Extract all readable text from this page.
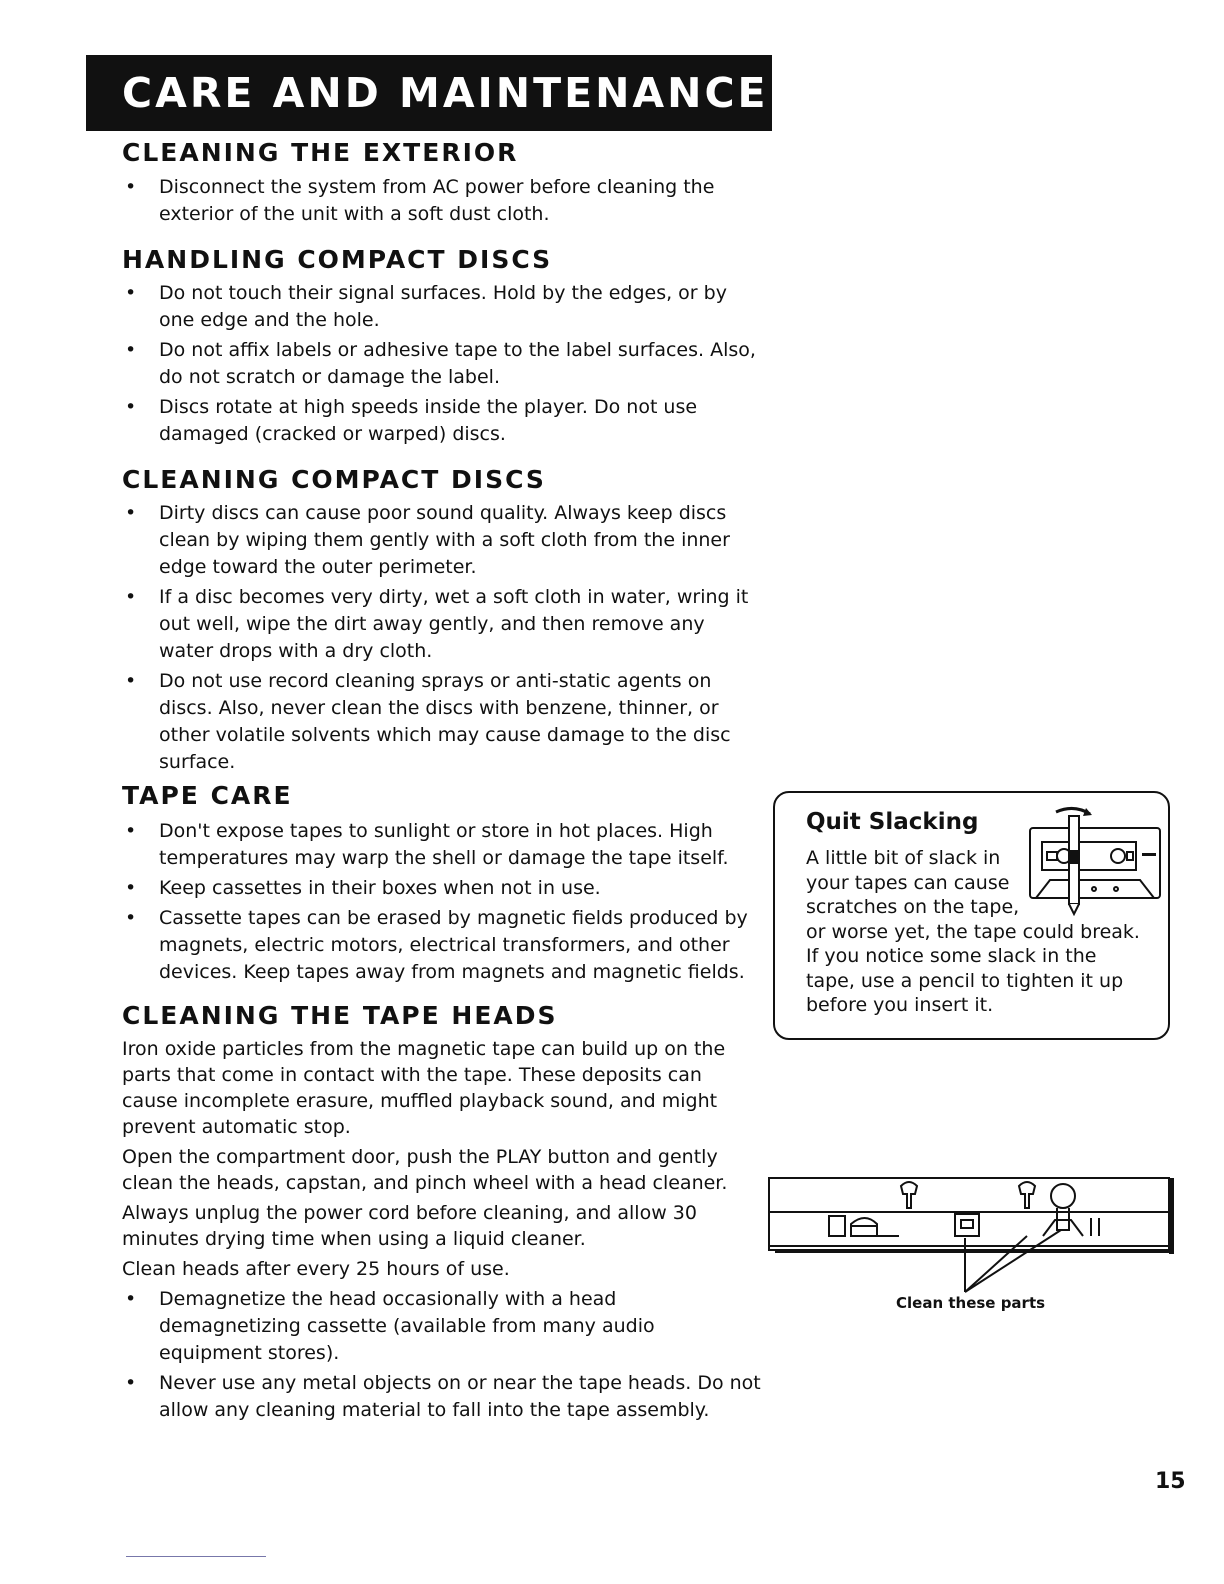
CARE AND MAINTENANCE
CLEANING THE EXTERIOR
• Disconnect the system from AC power before cleaning the exterior of the unit with a soft dust cloth.
HANDLING COMPACT DISCS
• Do not touch their signal surfaces. Hold by the edges, or by one edge and the hole.
• Do not affix labels or adhesive tape to the label surfaces. Also, do not scratch or damage the label.
• Discs rotate at high speeds inside the player. Do not use damaged (cracked or warped) discs.
CLEANING COMPACT DISCS
• Dirty discs can cause poor sound quality. Always keep discs clean by wiping them gently with a soft cloth from the inner edge toward the outer perimeter.
• If a disc becomes very dirty, wet a soft cloth in water, wring it out well, wipe the dirt away gently, and then remove any water drops with a dry cloth.
• Do not use record cleaning sprays or anti-static agents on discs. Also, never clean the discs with benzene, thinner, or other volatile solvents which may cause damage to the disc surface.
TAPE CARE
• Don't expose tapes to sunlight or store in hot places. High temperatures may warp the shell or damage the tape itself.
• Keep cassettes in their boxes when not in use.
• Cassette tapes can be erased by magnetic fields produced by magnets, electric motors, electrical transformers, and other devices. Keep tapes away from magnets and magnetic fields.
CLEANING THE TAPE HEADS

Iron oxide particles from the magnetic tape can build up on the parts that come in contact with the tape. These deposits can cause incomplete erasure, muffled playback sound, and might prevent automatic stop.

Open the compartment door, push the PLAY button and gently clean the heads, capstan, and pinch wheel with a head cleaner.

Always unplug the power cord before cleaning, and allow 30 minutes drying time when using a liquid cleaner.

Clean heads after every 25 hours of use.

• Demagnetize the head occasionally with a head demagnetizing cassette (available from many audio equipment stores).
• Never use any metal objects on or near the tape heads. Do not allow any cleaning material to fall into the tape assembly.
Quit Slacking
A little bit of slack in
your tapes can cause
scratches on the tape,
or worse yet, the tape could break.
If you notice some slack in the
tape, use a pencil to tighten it up
before you insert it.
Clean these parts
15
